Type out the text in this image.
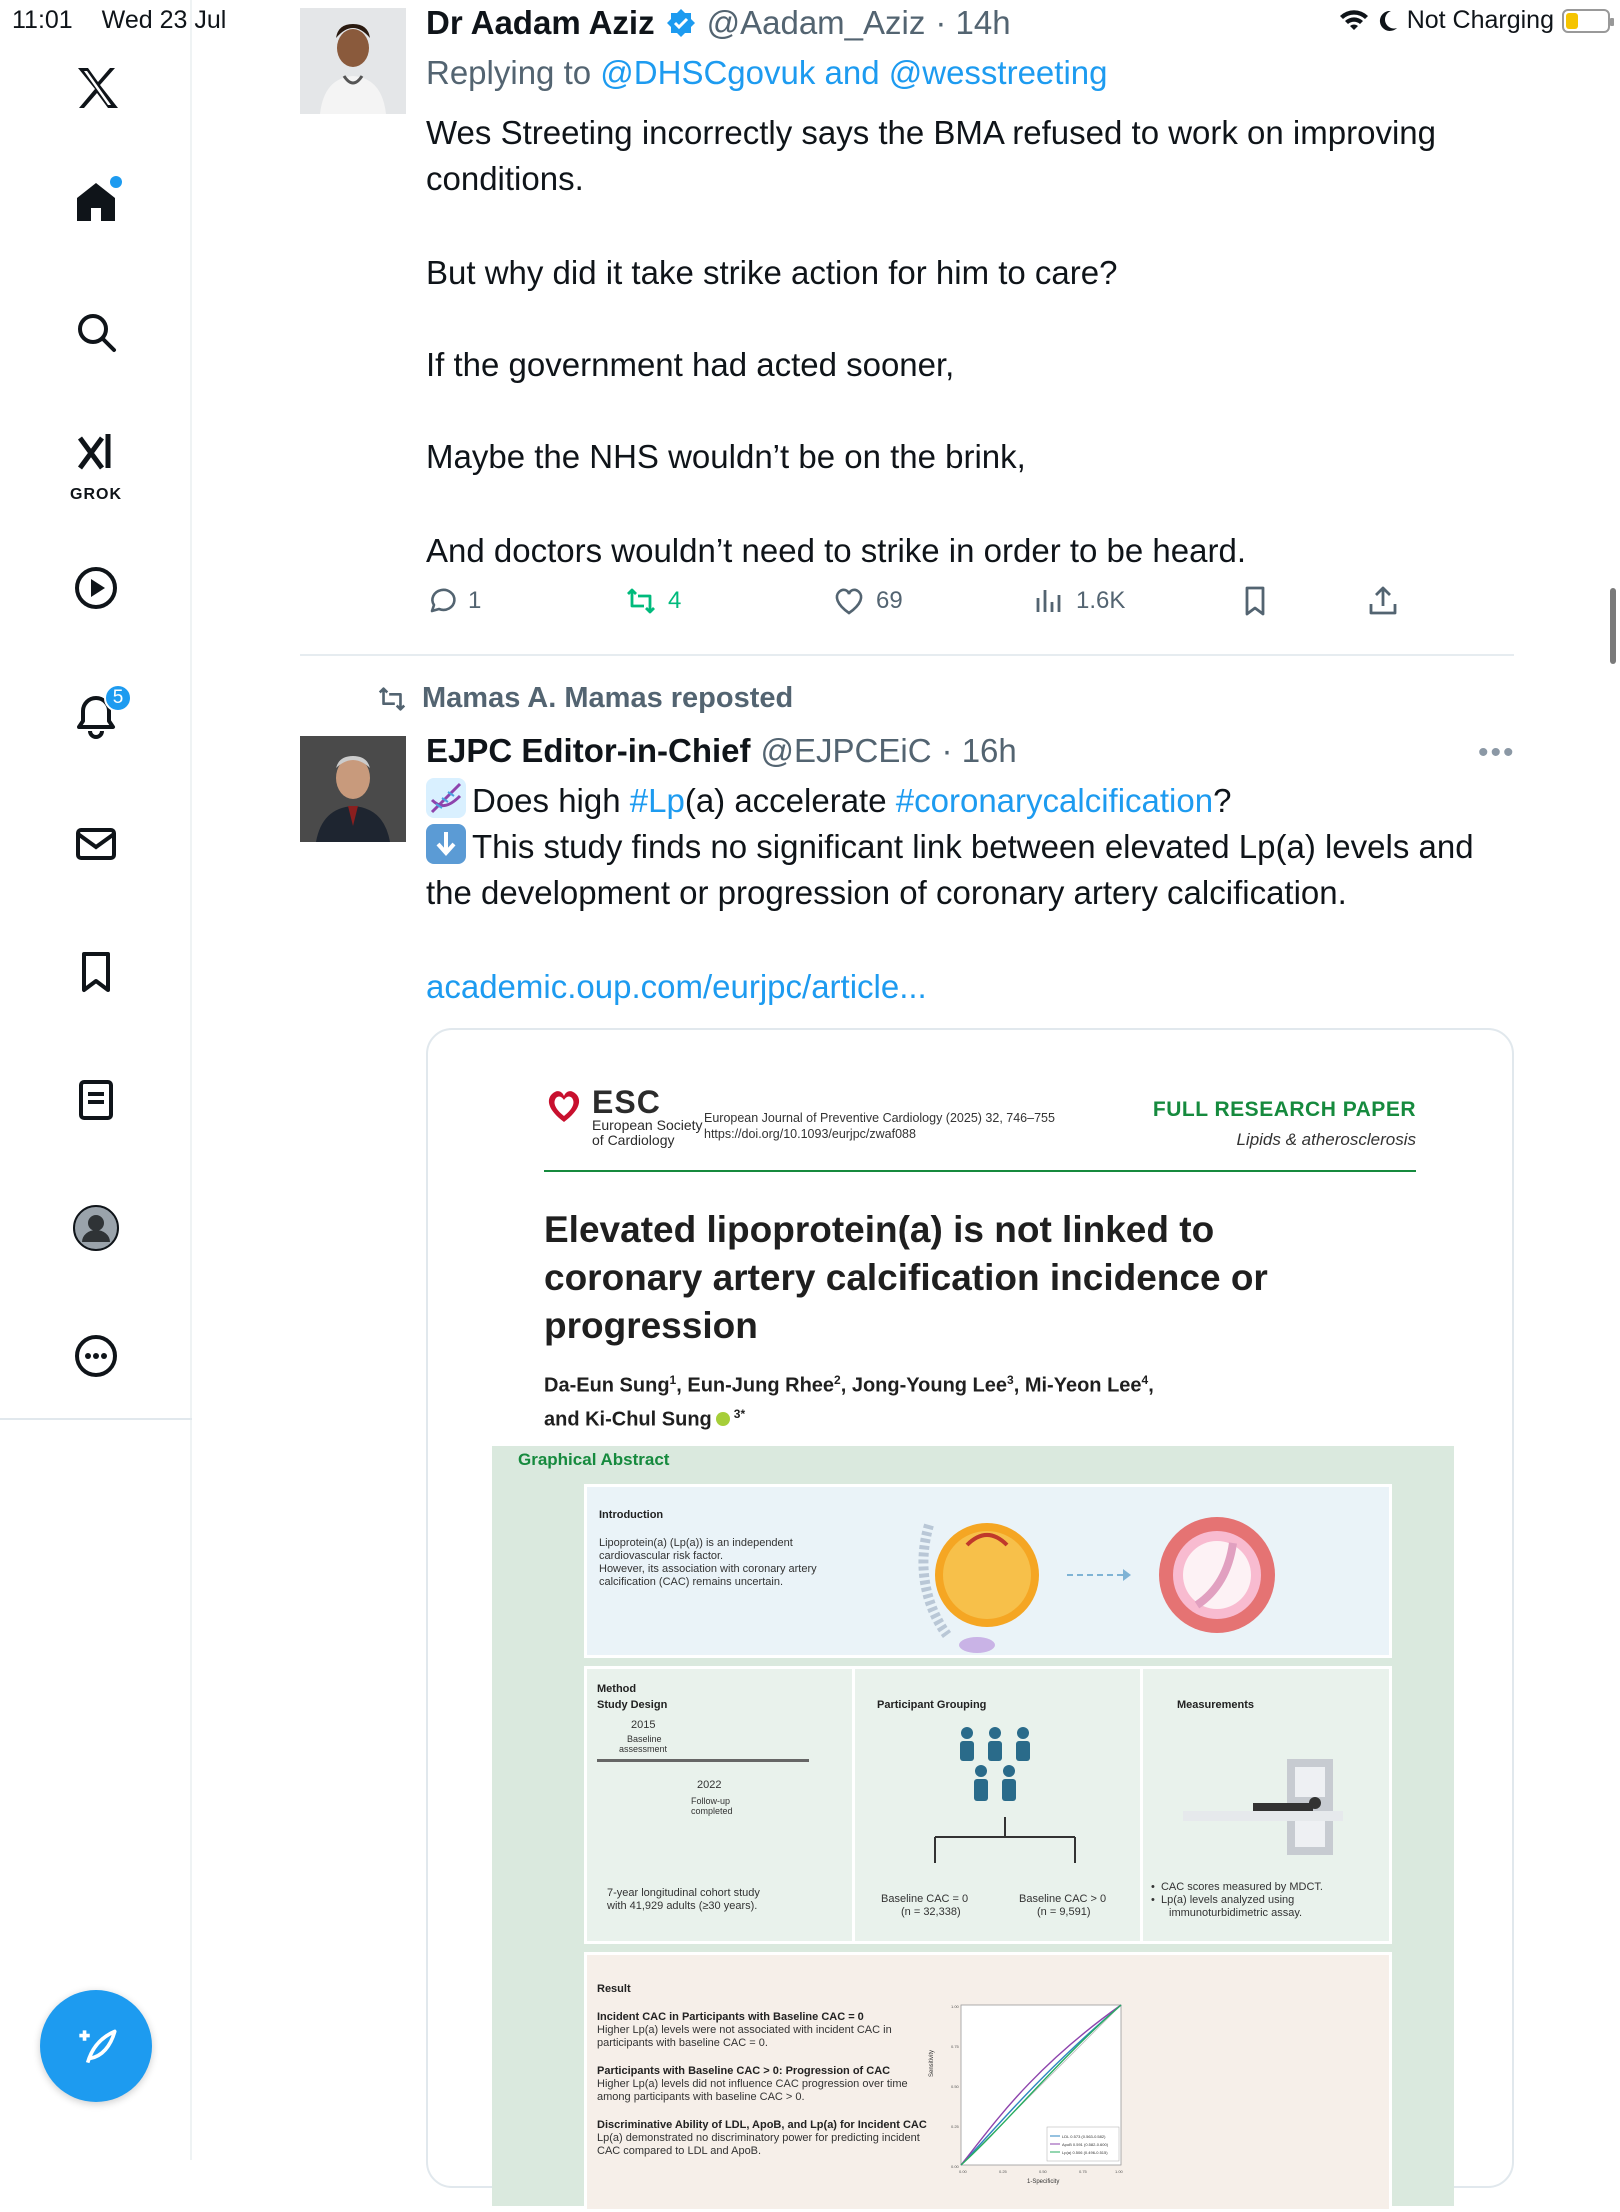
11:01 Wed 23 Jul	Not Charging
GROK
5
Dr Aadam Aziz @Aadam_Aziz · 14h
Replying to @DHSCgovuk and @wesstreeting
Wes Streeting incorrectly says the BMA refused to work on improving conditions.
But why did it take strike action for him to care?
If the government had acted sooner,
Maybe the NHS wouldn’t be on the brink,
And doctors wouldn’t need to strike in order to be heard.
1	4	69	1.6K
Mamas A. Mamas reposted
EJPC Editor-in-Chief @EJPCEiC · 16h	•••
Does high #Lp(a) accelerate #coronarycalcification?
This study finds no significant link between elevated Lp(a) levels and the development or progression of coronary artery calcification.
academic.oup.com/eurjpc/article...
ESC
European Society
of Cardiology
European Journal of Preventive Cardiology (2025) 32, 746–755
https://doi.org/10.1093/eurjpc/zwaf088
FULL RESEARCH PAPER
Lipids & atherosclerosis
Elevated lipoprotein(a) is not linked to coronary artery calcification incidence or progression
Da-Eun Sung$^1$, Eun-Jung Rhee$^2$, Jong-Young Lee$^3$, Mi-Yeon Lee$^4$,
and Ki-Chul Sung $^{3*}$
Graphical Abstract
Introduction
Lipoprotein(a) (Lp(a)) is an independent
cardiovascular risk factor.
However, its association with coronary artery
calcification (CAC) remains uncertain.
Method
Study Design
2015
Baseline
assessment
2022
Follow-up
completed
7-year longitudinal cohort study
with 41,929 adults (≥30 years).
Participant Grouping
Baseline CAC = 0
(n = 32,338)
Baseline CAC > 0
(n = 9,591)
Measurements
•  CAC scores measured by MDCT.
•  Lp(a) levels analyzed using
immunoturbidimetric assay.
Result
Incident CAC in Participants with Baseline CAC = 0
Higher Lp(a) levels were not associated with incident CAC in
participants with baseline CAC = 0.
Participants with Baseline CAC > 0: Progression of CAC
Higher Lp(a) levels did not influence CAC progression over time
among participants with baseline CAC > 0.
Discriminative Ability of LDL, ApoB, and Lp(a) for Incident CAC
Lp(a) demonstrated no discriminatory power for predicting incident
CAC compared to LDL and ApoB.
Sensitivity
0.00
0.25
0.50
0.75
1.00
LDL 0.573 (0.563-0.582)
ApoB 0.591 (0.582-0.600)
Lp(a) 0.506 (0.496-0.515)
0.00	0.25	0.50	0.75	1.00
1-Specificity
